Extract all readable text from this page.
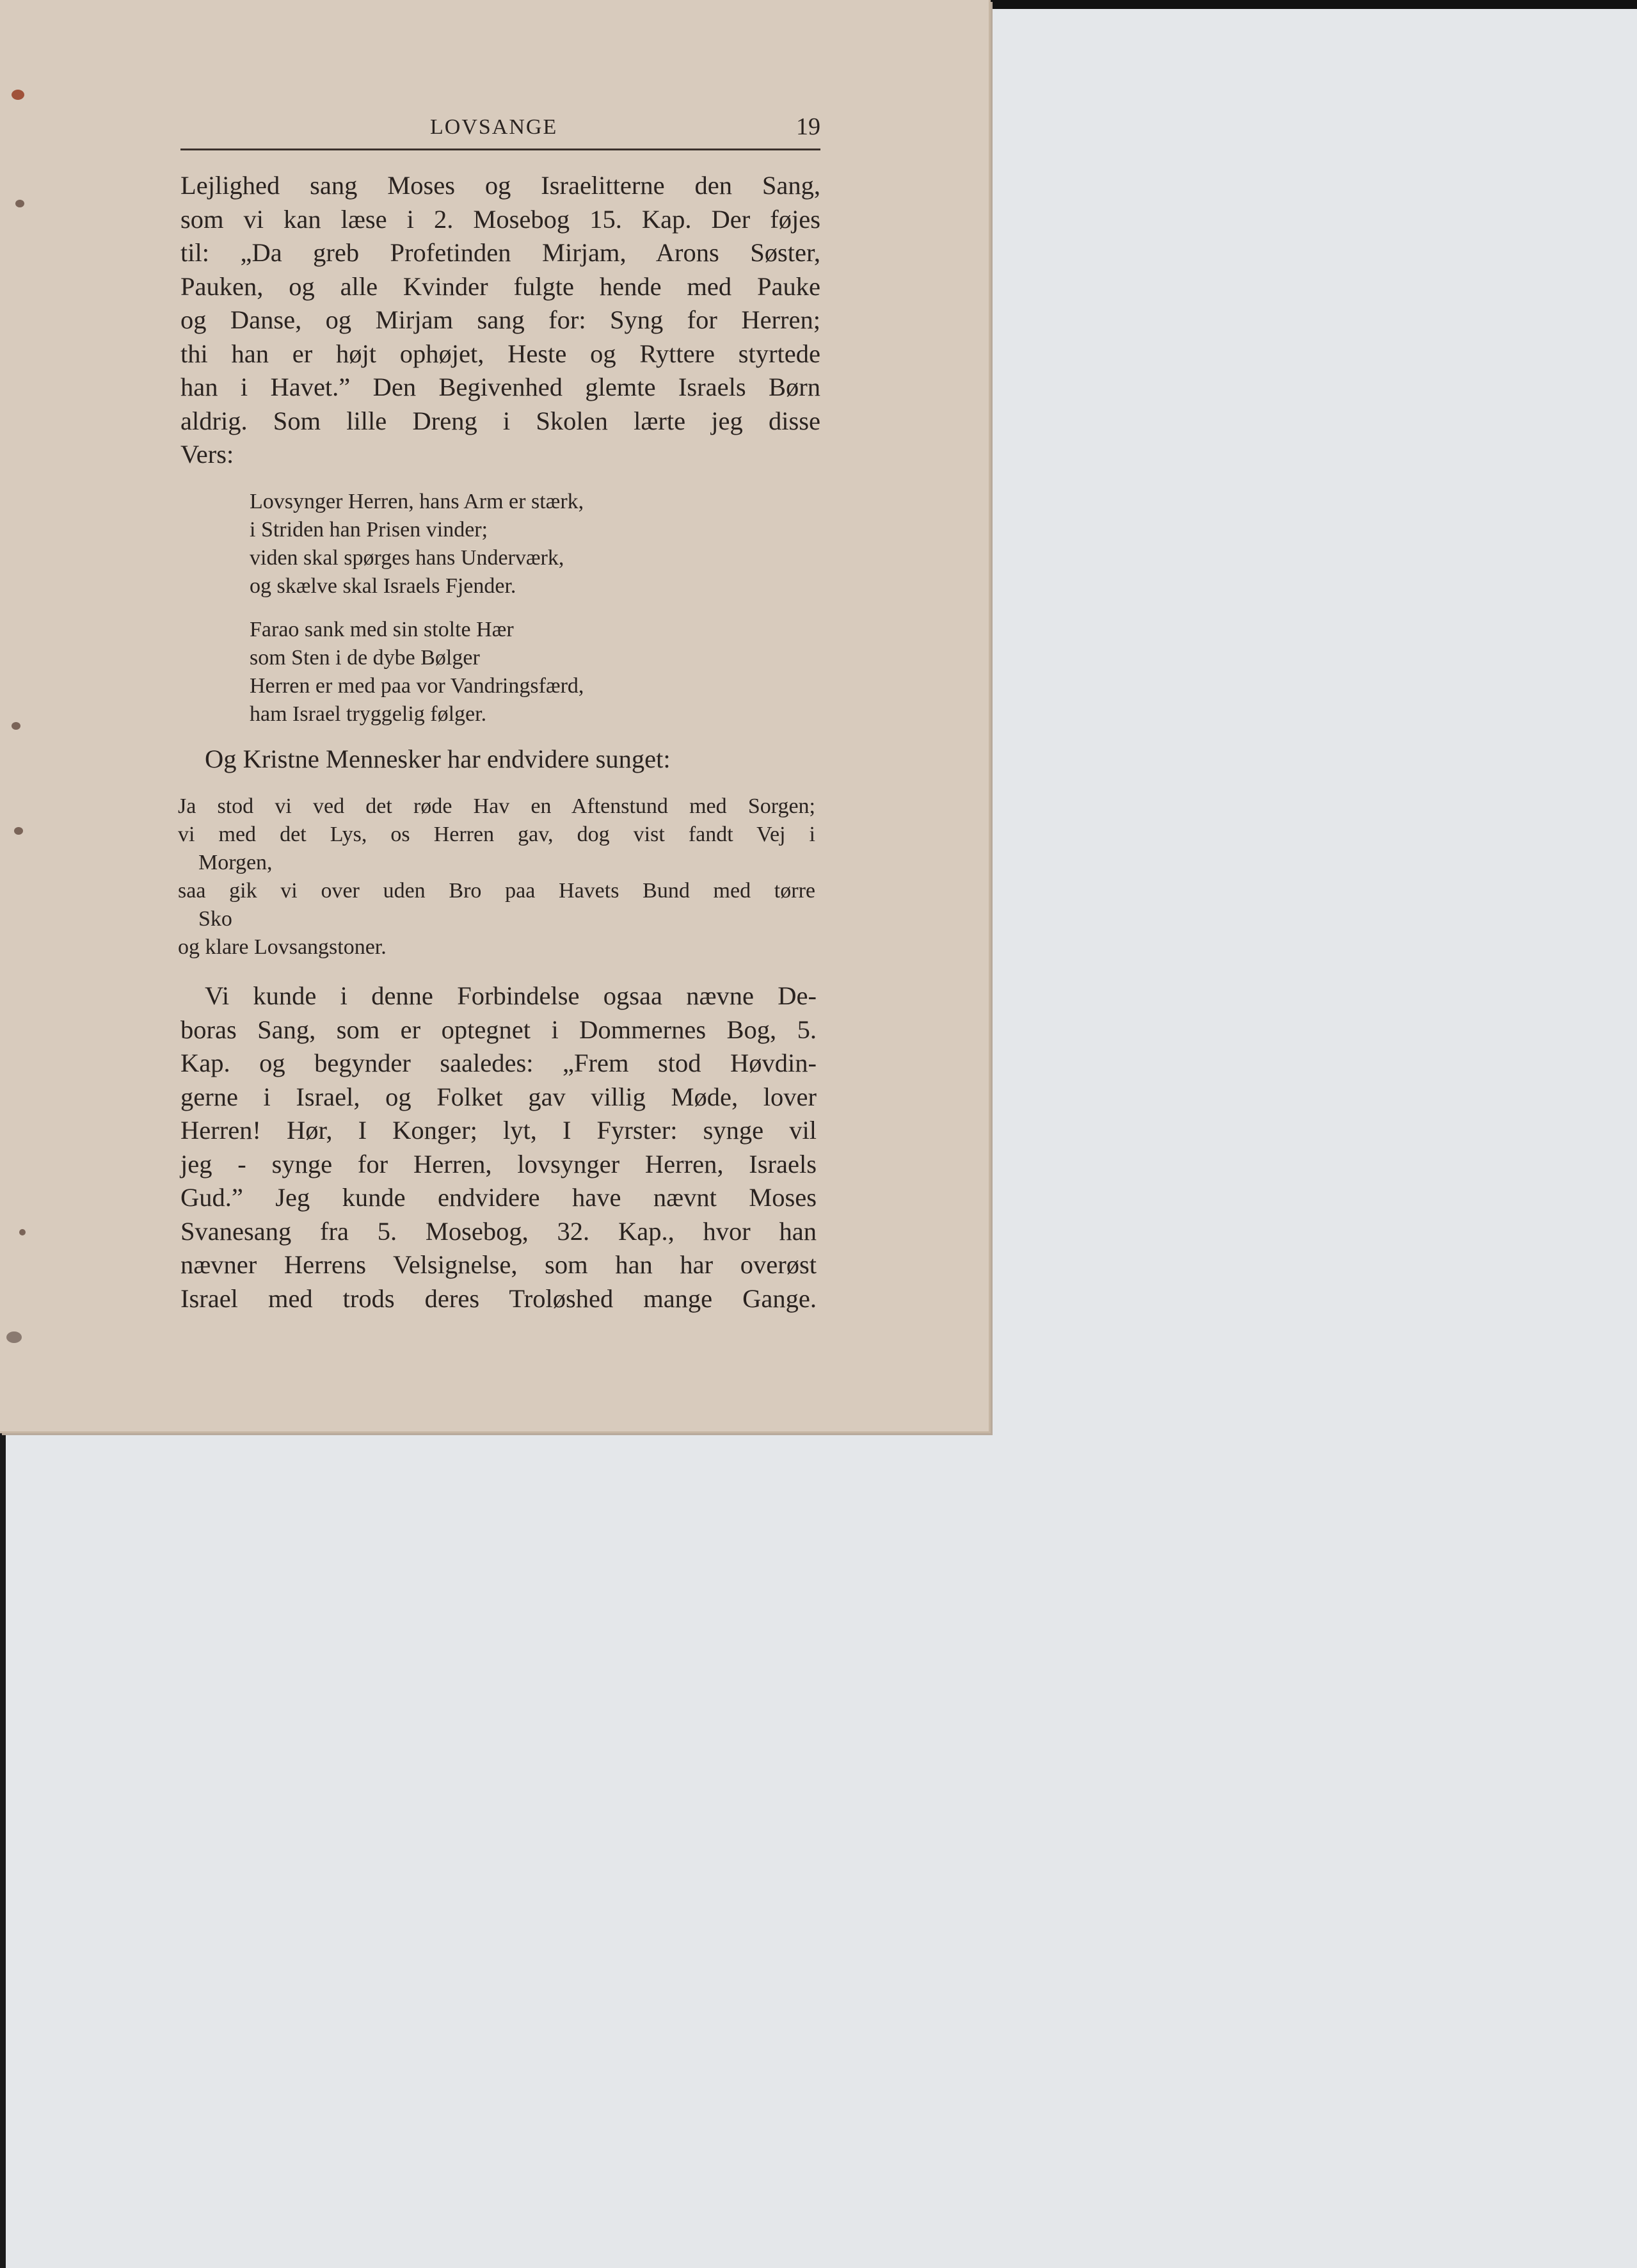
LOVSANGE	19
Lejlighed sang Moses og Israelitterne den Sang,
som vi kan læse i 2. Mosebog 15. Kap. Der føjes
til: „Da greb Profetinden Mirjam, Arons Søster,
Pauken, og alle Kvinder fulgte hende med Pauke
og Danse, og Mirjam sang for: Syng for Herren;
thi han er højt ophøjet, Heste og Ryttere styrtede
han i Havet.” Den Begivenhed glemte Israels Børn
aldrig. Som lille Dreng i Skolen lærte jeg disse
Vers:
Lovsynger Herren, hans Arm er stærk,
i Striden han Prisen vinder;
viden skal spørges hans Underværk,
og skælve skal Israels Fjender.
Farao sank med sin stolte Hær
som Sten i de dybe Bølger
Herren er med paa vor Vandringsfærd,
ham Israel tryggelig følger.

Og Kristne Mennesker har endvidere sunget:

Ja stod vi ved det røde Hav en Aftenstund med Sorgen;
vi med det Lys, os Herren gav, dog vist fandt Vej i
Morgen,
saa gik vi over uden Bro paa Havets Bund med tørre
Sko
og klare Lovsangstoner.
Vi kunde i denne Forbindelse ogsaa nævne De-
boras Sang, som er optegnet i Dommernes Bog, 5.
Kap. og begynder saaledes: „Frem stod Høvdin-
gerne i Israel, og Folket gav villig Møde, lover
Herren! Hør, I Konger; lyt, I Fyrster: synge vil
jeg - synge for Herren, lovsynger Herren, Israels
Gud.” Jeg kunde endvidere have nævnt Moses
Svanesang fra 5. Mosebog, 32. Kap., hvor han
nævner Herrens Velsignelse, som han har overøst
Israel med trods deres Troløshed mange Gange.
